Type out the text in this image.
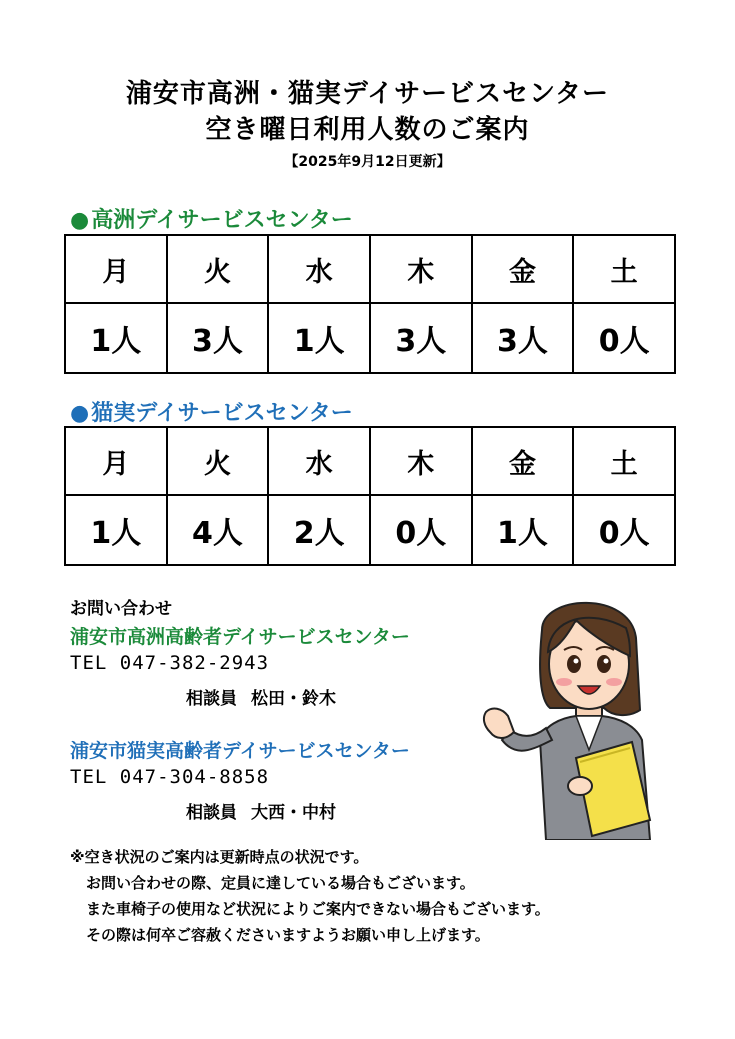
浦安市高洲・猫実デイサービスセンター
空き曜日利用人数のご案内
【2025年9月12日更新】
●高洲デイサービスセンター
月	火	水	木	金	土
1人	3人	1人	3人	3人	0人
●猫実デイサービスセンター
月	火	水	木	金	土
1人	4人	2人	0人	1人	0人
お問い合わせ
浦安市高洲高齢者デイサービスセンター
TEL 047-382-2943
相談員 松田・鈴木
浦安市猫実高齢者デイサービスセンター
TEL 047-304-8858
相談員 大西・中村
※空き状況のご案内は更新時点の状況です。
お問い合わせの際、定員に達している場合もございます。
また車椅子の使用など状況によりご案内できない場合もございます。
その際は何卒ご容赦くださいますようお願い申し上げます。
